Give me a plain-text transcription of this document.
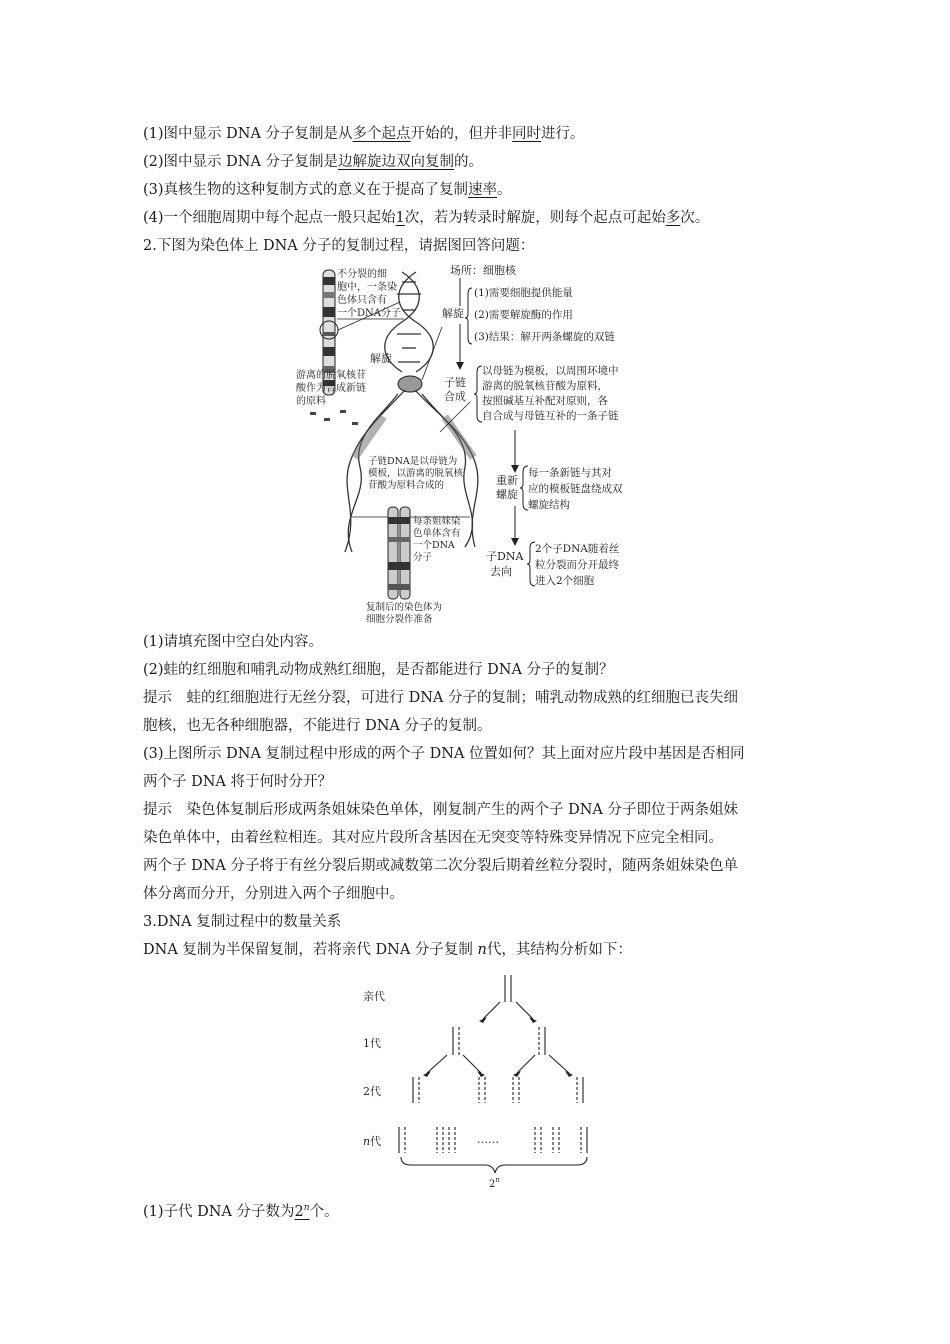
(1)图中显示 DNA 分子复制是从多个起点开始的，但并非同时进行。
(2)图中显示 DNA 分子复制是边解旋边双向复制的。
(3)真核生物的这种复制方式的意义在于提高了复制速率。
(4)一个细胞周期中每个起点一般只起始1次，若为转录时解旋，则每个起点可起始多次。
2.下图为染色体上 DNA 分子的复制过程，请据图回答问题：
不分裂的细
胞中，一条染
色体只含有
一个DNA分子
解旋
游离的脱氧核苷
酸作为合成新链
的原料
子链DNA是以母链为
模板，以游离的脱氧核
苷酸为原料合成的
每条姐妹染
色单体含有
一个DNA
分子
复制后的染色体为
细胞分裂作准备
场所：细胞核
解旋
(1)需要细胞提供能量
(2)需要解旋酶的作用
(3)结果：解开两条螺旋的双链
子链
合成
以母链为模板，以周围环境中
游离的脱氧核苷酸为原料，
按照碱基互补配对原则，各
自合成与母链互补的一条子链
重新
螺旋
每一条新链与其对
应的模板链盘绕成双
螺旋结构
子DNA
去向
2个子DNA随着丝
粒分裂而分开最终
进入2个细胞
(1)请填充图中空白处内容。
(2)蛙的红细胞和哺乳动物成熟红细胞，是否都能进行 DNA 分子的复制？
提示　蛙的红细胞进行无丝分裂，可进行 DNA 分子的复制；哺乳动物成熟的红细胞已丧失细
胞核，也无各种细胞器，不能进行 DNA 分子的复制。
(3)上图所示 DNA 复制过程中形成的两个子 DNA 位置如何？其上面对应片段中基因是否相同
两个子 DNA 将于何时分开？
提示　染色体复制后形成两条姐妹染色单体，刚复制产生的两个子 DNA 分子即位于两条姐妹
染色单体中，由着丝粒相连。其对应片段所含基因在无突变等特殊变异情况下应完全相同。
两个子 DNA 分子将于有丝分裂后期或减数第二次分裂后期着丝粒分裂时，随两条姐妹染色单
体分离而分开，分别进入两个子细胞中。
3.DNA 复制过程中的数量关系
DNA 复制为半保留复制，若将亲代 DNA 分子复制 n代，其结构分析如下：
亲代
1代
2代
n代	……
2$^n$
(1)子代 DNA 分子数为2$^n$个。
